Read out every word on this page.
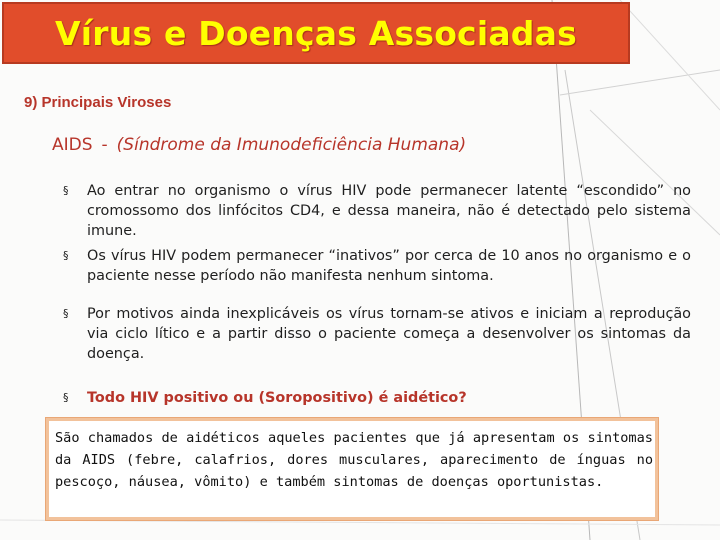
Vírus e Doenças Associadas
9) Principais Viroses
AIDS - (Síndrome da Imunodeficiência Humana)
§ Ao entrar no organismo o vírus HIV pode permanecer latente “escondido” no cromossomo dos linfócitos CD4, e dessa maneira, não é detectado pelo sistema imune.
§ Os vírus HIV podem permanecer “inativos” por cerca de 10 anos no organismo e o paciente nesse período não manifesta nenhum sintoma.
§ Por motivos ainda inexplicáveis os vírus tornam-se ativos e iniciam a reprodução via ciclo lítico e a partir disso o paciente começa a desenvolver os sintomas da doença.
§ Todo HIV positivo ou (Soropositivo) é aidético?
São chamados de aidéticos aqueles pacientes que já apresentam os sintomas da AIDS (febre, calafrios, dores musculares, aparecimento de ínguas no pescoço, náusea, vômito) e também sintomas de doenças oportunistas.
